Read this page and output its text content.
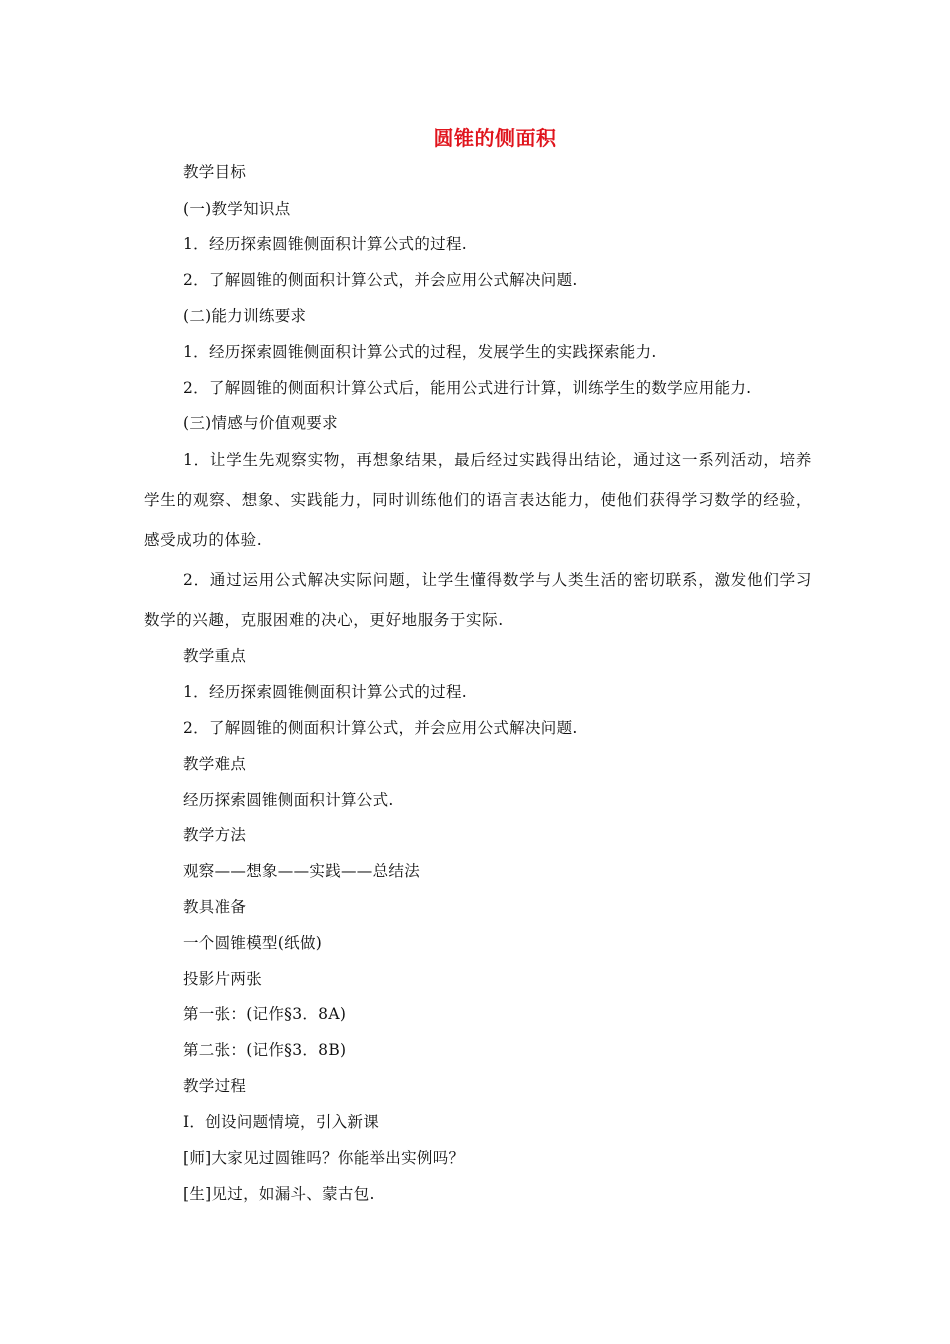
圆锥的侧面积
教学目标
(一)教学知识点
1．经历探索圆锥侧面积计算公式的过程.
2．了解圆锥的侧面积计算公式，并会应用公式解决问题.
(二)能力训练要求
1．经历探索圆锥侧面积计算公式的过程，发展学生的实践探索能力.
2．了解圆锥的侧面积计算公式后，能用公式进行计算，训练学生的数学应用能力.
(三)情感与价值观要求
1．让学生先观察实物，再想象结果，最后经过实践得出结论，通过这一系列活动，培养学生的观察、想象、实践能力，同时训练他们的语言表达能力，使他们获得学习数学的经验，感受成功的体验.
2．通过运用公式解决实际问题，让学生懂得数学与人类生活的密切联系，激发他们学习数学的兴趣，克服困难的决心，更好地服务于实际.
教学重点
1．经历探索圆锥侧面积计算公式的过程.
2．了解圆锥的侧面积计算公式，并会应用公式解决问题.
教学难点
经历探索圆锥侧面积计算公式.
教学方法
观察——想象——实践——总结法
教具准备
一个圆锥模型(纸做)
投影片两张
第一张：(记作§3．8A)
第二张：(记作§3．8B)
教学过程
Ⅰ．创设问题情境，引入新课
[师]大家见过圆锥吗？你能举出实例吗？
[生]见过，如漏斗、蒙古包.
